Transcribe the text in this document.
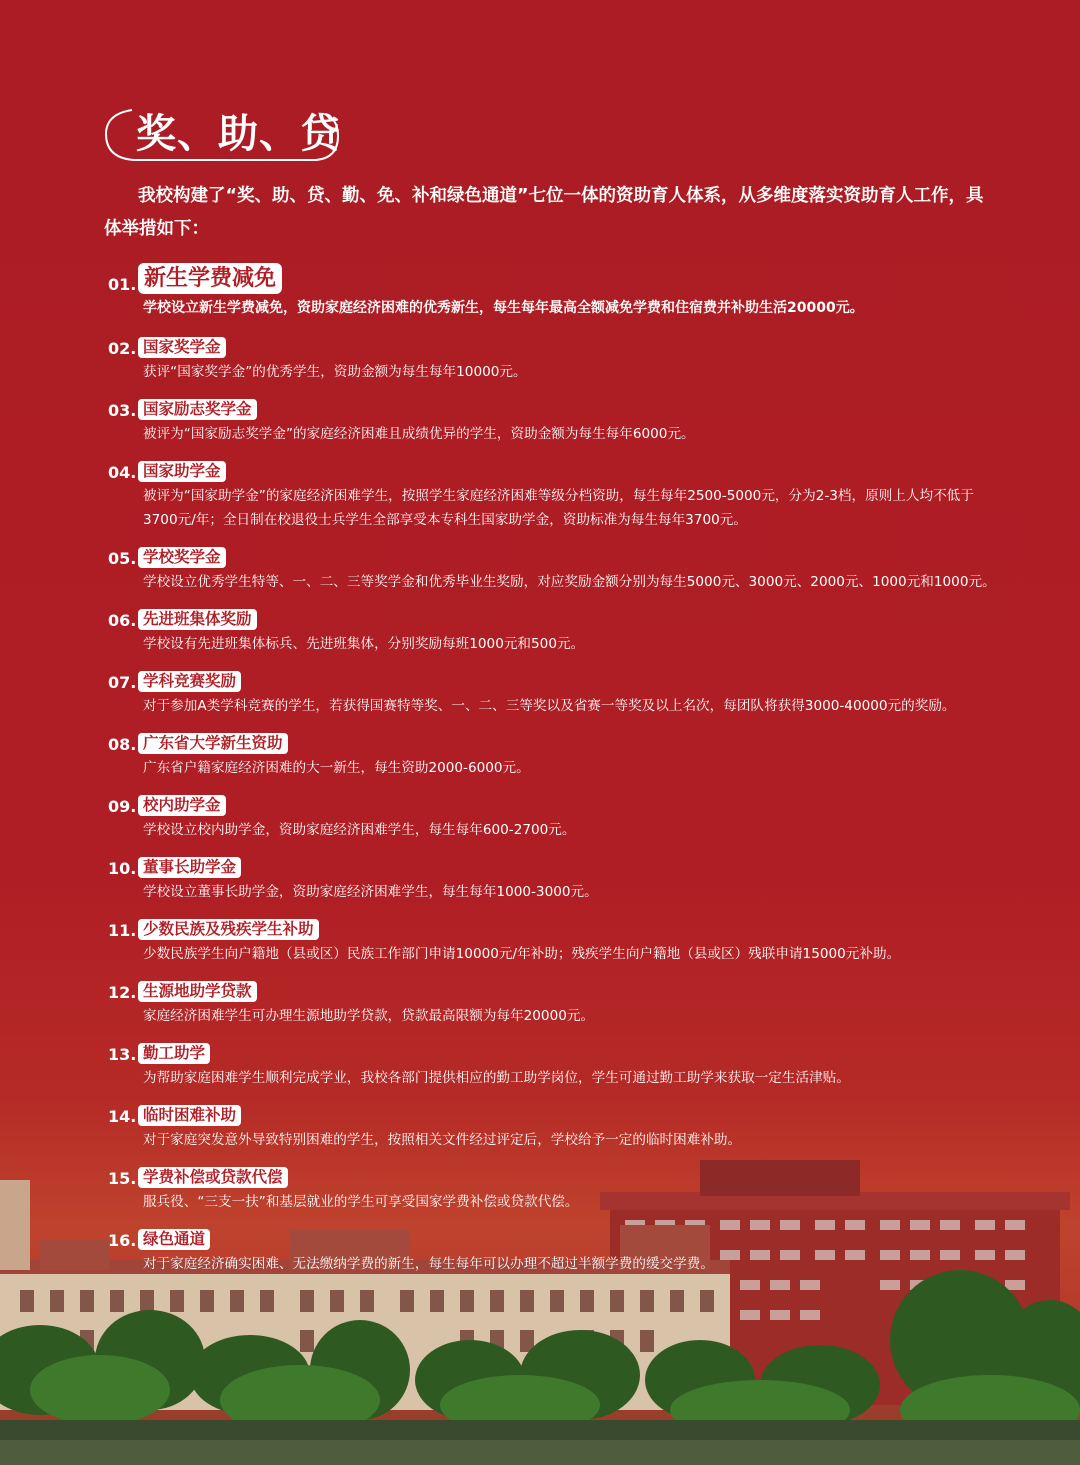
奖、助、贷
我校构建了“奖、助、贷、勤、免、补和绿色通道”七位一体的资助育人体系，从多维度落实资助育人工作，具体举措如下：
01. 新生学费减免
学校设立新生学费减免，资助家庭经济困难的优秀新生，每生每年最高全额减免学费和住宿费并补助生活20000元。
02. 国家奖学金
获评“国家奖学金”的优秀学生，资助金额为每生每年10000元。
03. 国家励志奖学金
被评为“国家励志奖学金”的家庭经济困难且成绩优异的学生，资助金额为每生每年6000元。
04. 国家助学金
被评为“国家助学金”的家庭经济困难学生，按照学生家庭经济困难等级分档资助，每生每年2500-5000元，分为2-3档，原则上人均不低于3700元/年；全日制在校退役士兵学生全部享受本专科生国家助学金，资助标准为每生每年3700元。
05. 学校奖学金
学校设立优秀学生特等、一、二、三等奖学金和优秀毕业生奖励，对应奖励金额分别为每生5000元、3000元、2000元、1000元和1000元。
06. 先进班集体奖励
学校设有先进班集体标兵、先进班集体，分别奖励每班1000元和500元。
07. 学科竞赛奖励
对于参加A类学科竞赛的学生，若获得国赛特等奖、一、二、三等奖以及省赛一等奖及以上名次，每团队将获得3000-40000元的奖励。
08. 广东省大学新生资助
广东省户籍家庭经济困难的大一新生，每生资助2000-6000元。
09. 校内助学金
学校设立校内助学金，资助家庭经济困难学生，每生每年600-2700元。
10. 董事长助学金
学校设立董事长助学金，资助家庭经济困难学生，每生每年1000-3000元。
11. 少数民族及残疾学生补助
少数民族学生向户籍地（县或区）民族工作部门申请10000元/年补助；残疾学生向户籍地（县或区）残联申请15000元补助。
12. 生源地助学贷款
家庭经济困难学生可办理生源地助学贷款，贷款最高限额为每年20000元。
13. 勤工助学
为帮助家庭困难学生顺利完成学业，我校各部门提供相应的勤工助学岗位，学生可通过勤工助学来获取一定生活津贴。
14. 临时困难补助
对于家庭突发意外导致特别困难的学生，按照相关文件经过评定后，学校给予一定的临时困难补助。
15. 学费补偿或贷款代偿
服兵役、“三支一扶”和基层就业的学生可享受国家学费补偿或贷款代偿。
16. 绿色通道
对于家庭经济确实困难、无法缴纳学费的新生，每生每年可以办理不超过半额学费的缓交学费。
